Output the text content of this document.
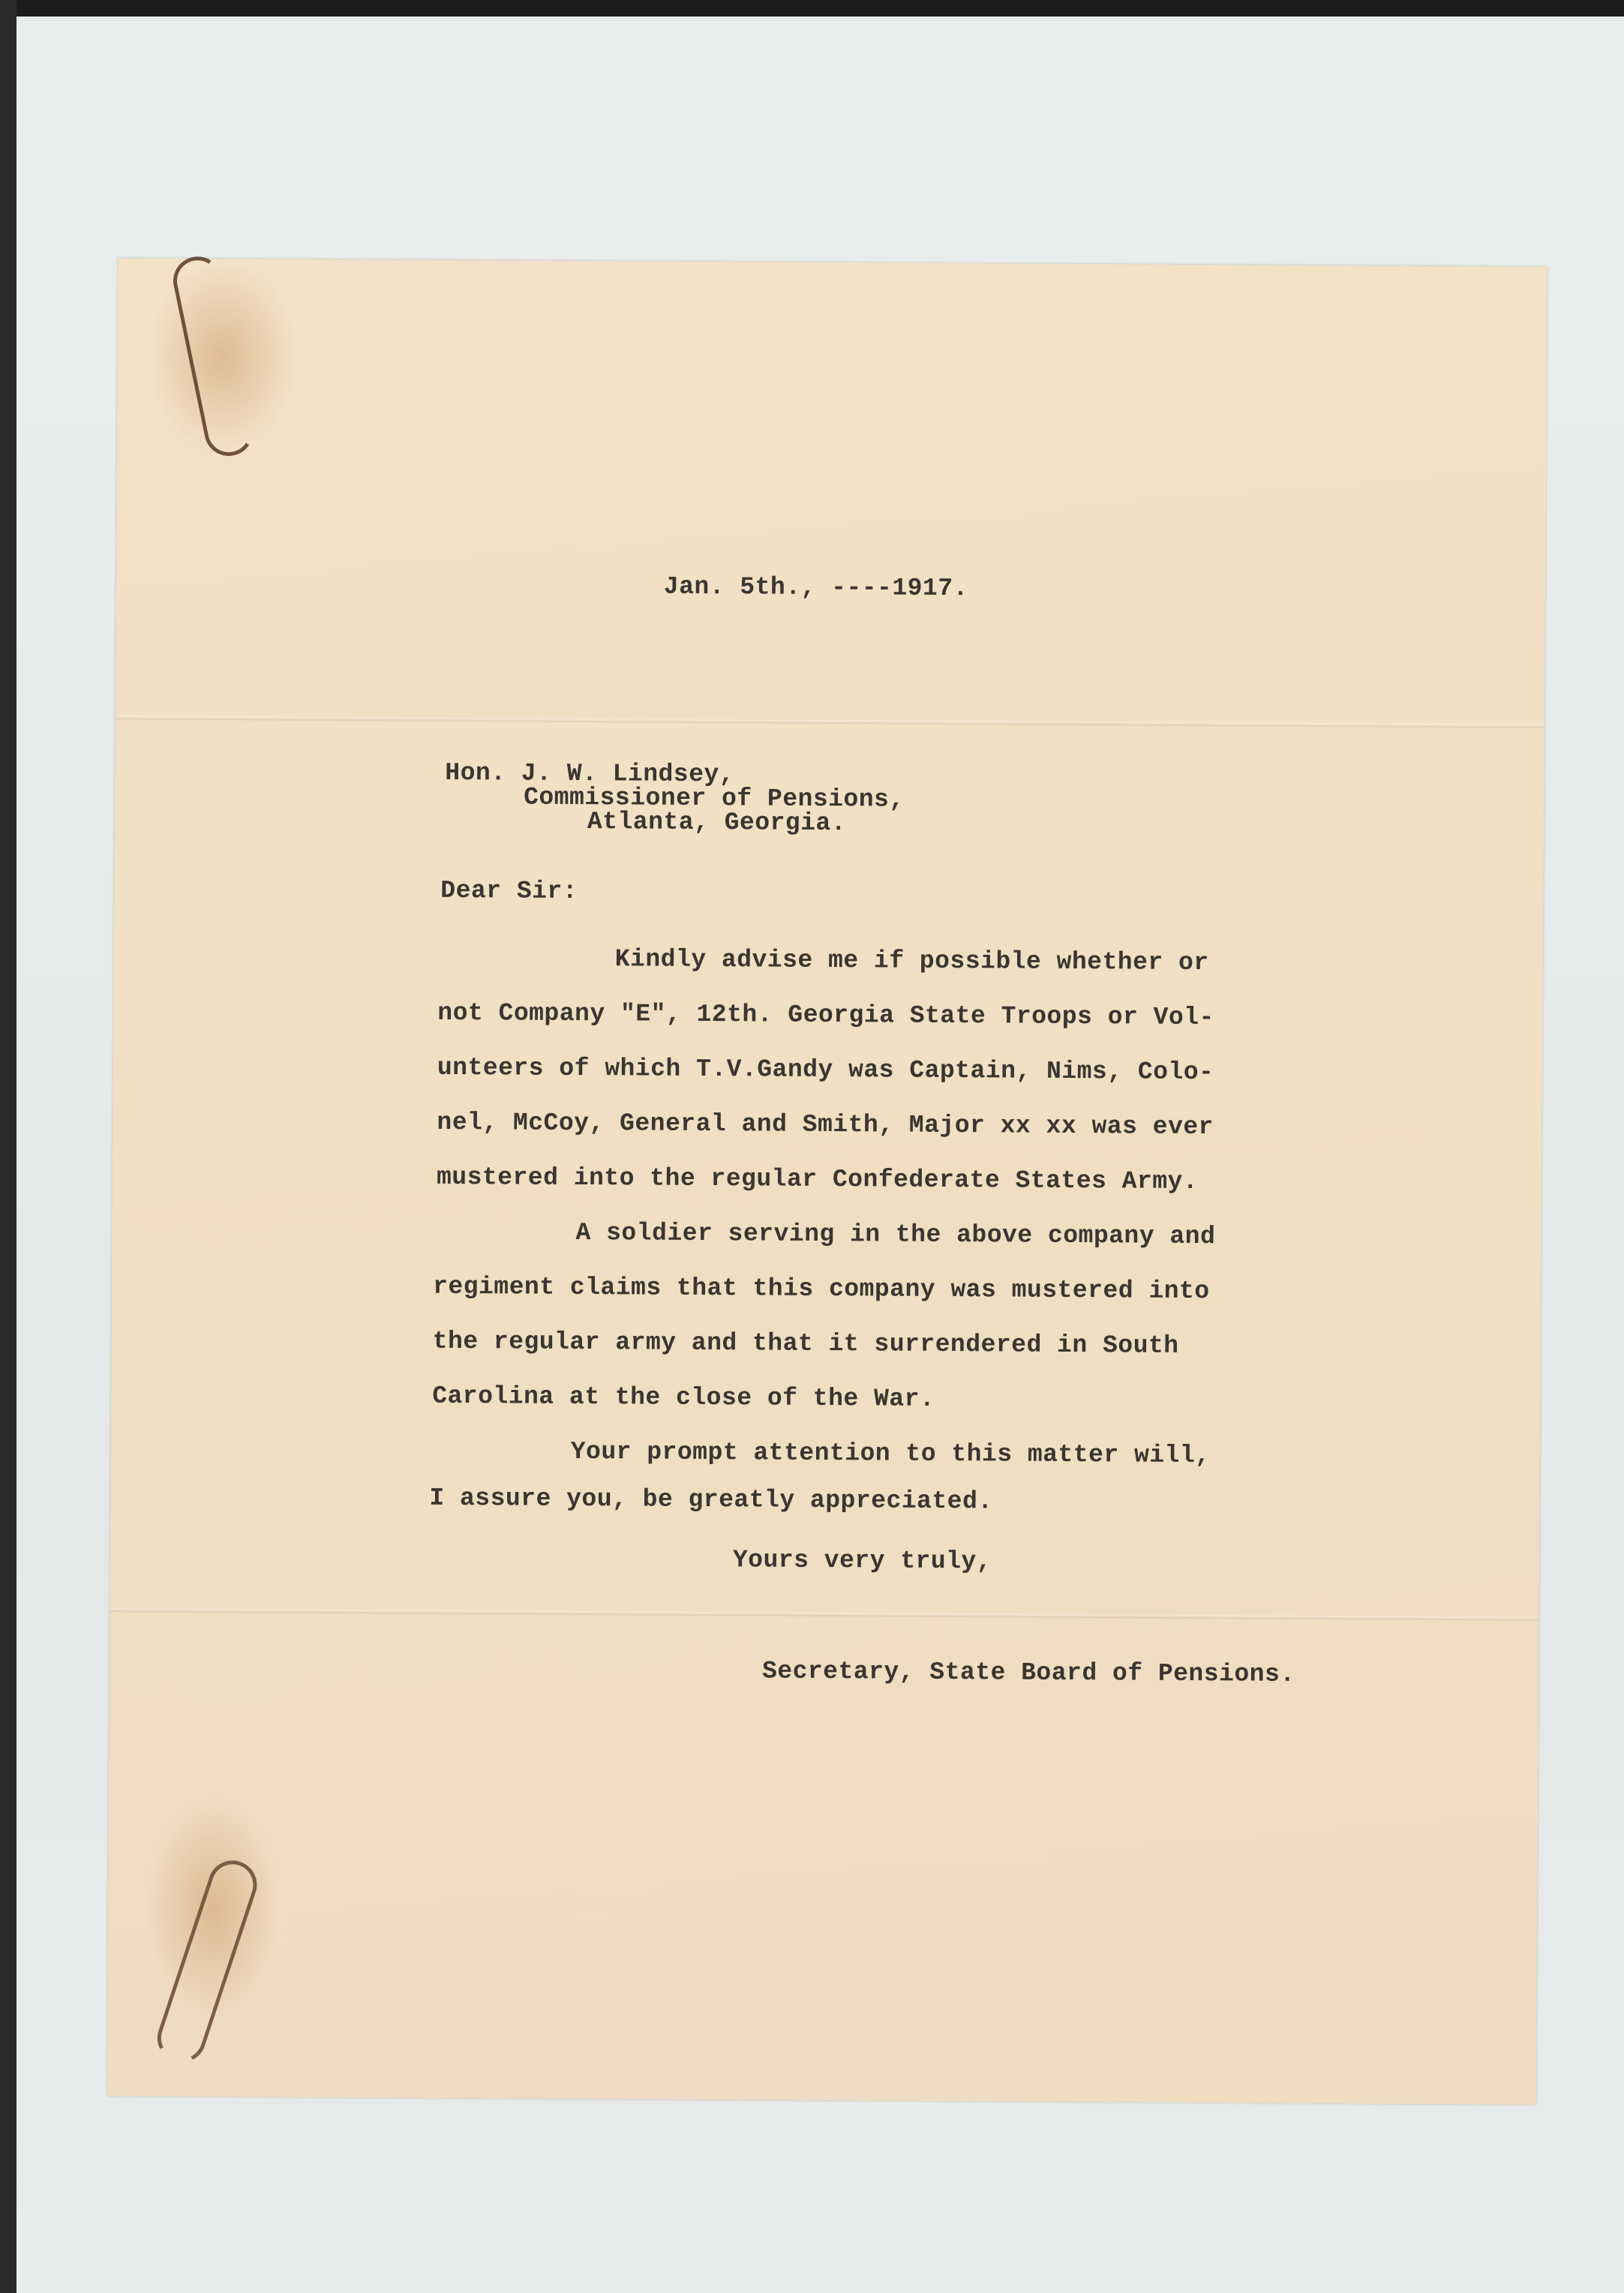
Jan. 5th., ----1917.
Hon. J. W. Lindsey,
Commissioner of Pensions,
Atlanta, Georgia.
Dear Sir:
Kindly advise me if possible whether or
not Company "E", 12th. Georgia State Troops or Vol-
unteers of which T.V.Gandy was Captain, Nims, Colo-
nel, McCoy, General and Smith, Major xx xx was ever
mustered into the regular Confederate States Army.
A soldier serving in the above company and
regiment claims that this company was mustered into
the regular army and that it surrendered in South
Carolina at the close of the War.
Your prompt attention to this matter will,
I assure you, be greatly appreciated.
Yours very truly,
Secretary, State Board of Pensions.
